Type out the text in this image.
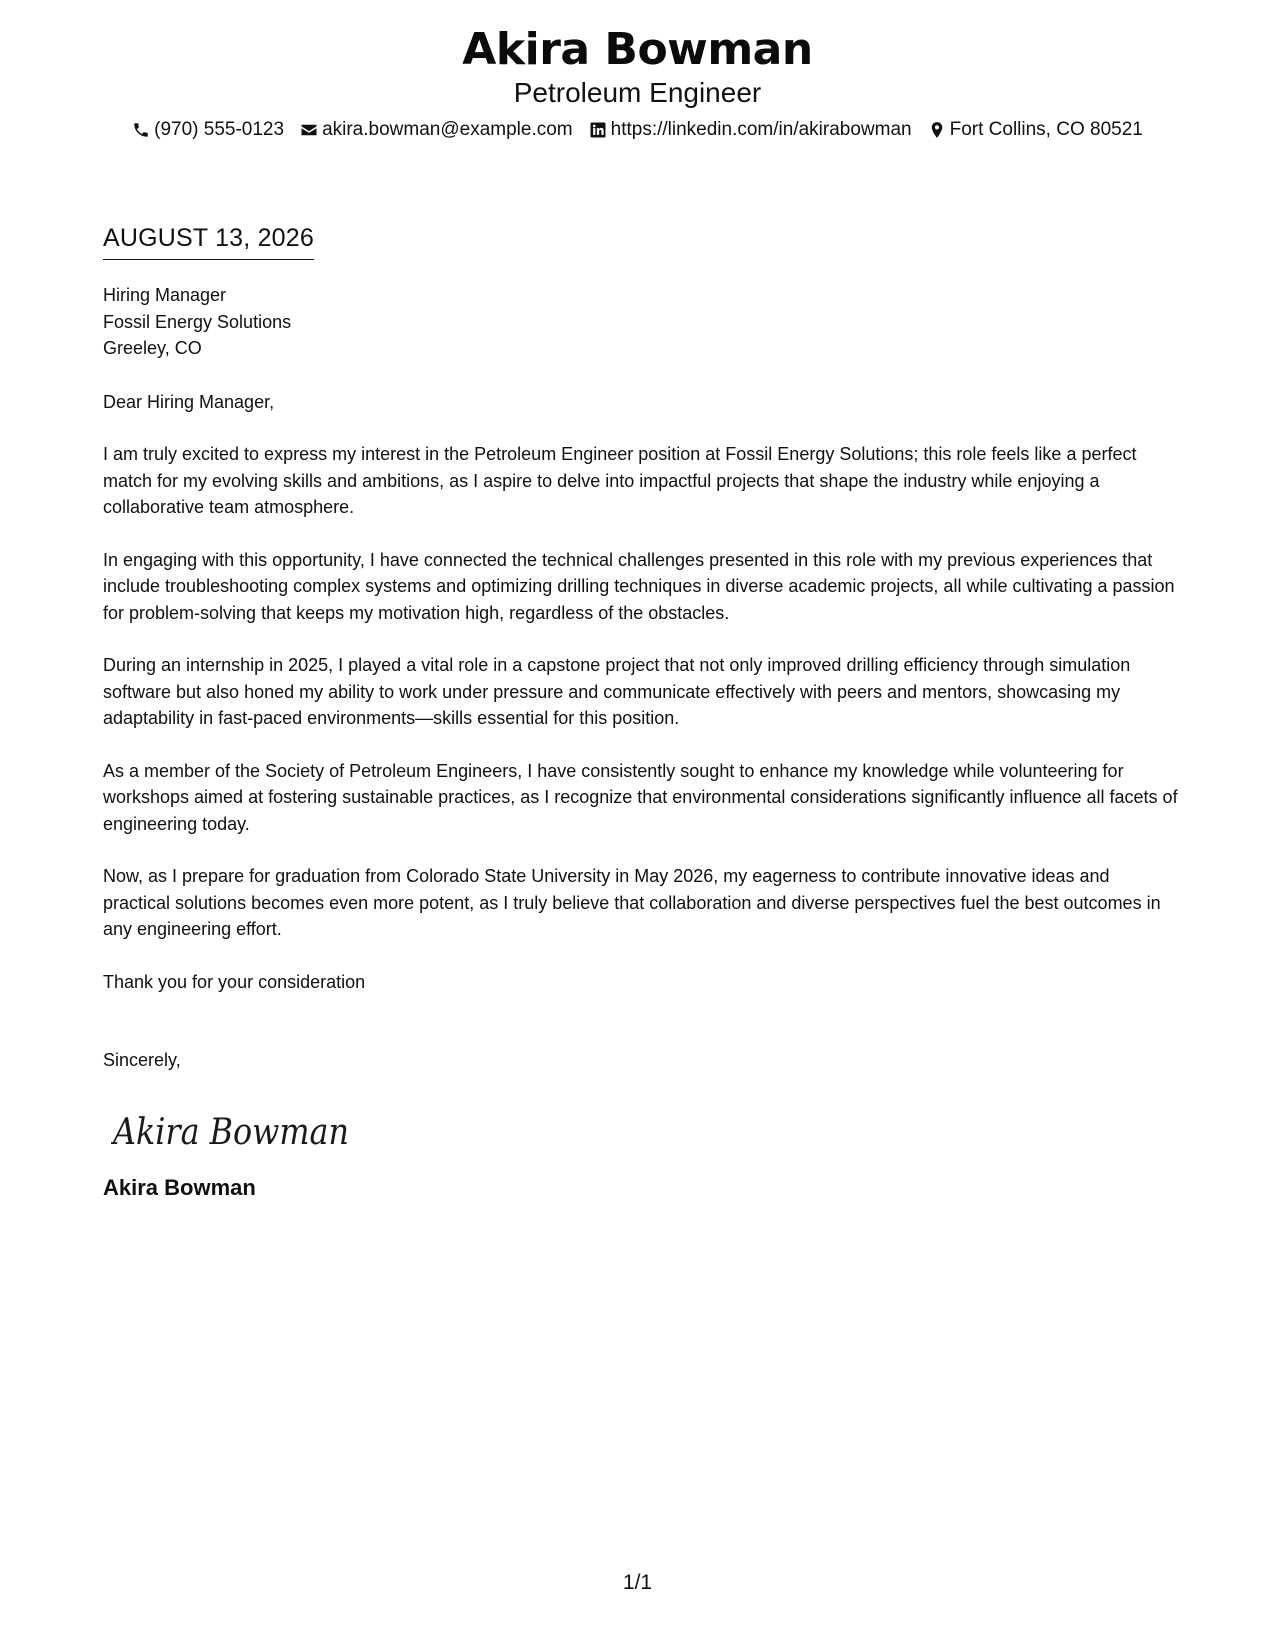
Akira Bowman
Petroleum Engineer
(970) 555-0123 akira.bowman@example.com https://linkedin.com/in/akirabowman Fort Collins, CO 80521
AUGUST 13, 2026
Hiring Manager
Fossil Energy Solutions
Greeley, CO
Dear Hiring Manager,
I am truly excited to express my interest in the Petroleum Engineer position at Fossil Energy Solutions; this role feels like a perfect match for my evolving skills and ambitions, as I aspire to delve into impactful projects that shape the industry while enjoying a collaborative team atmosphere.
In engaging with this opportunity, I have connected the technical challenges presented in this role with my previous experiences that include troubleshooting complex systems and optimizing drilling techniques in diverse academic projects, all while cultivating a passion for problem-solving that keeps my motivation high, regardless of the obstacles.
During an internship in 2025, I played a vital role in a capstone project that not only improved drilling efficiency through simulation software but also honed my ability to work under pressure and communicate effectively with peers and mentors, showcasing my adaptability in fast-paced environments—skills essential for this position.
As a member of the Society of Petroleum Engineers, I have consistently sought to enhance my knowledge while volunteering for workshops aimed at fostering sustainable practices, as I recognize that environmental considerations significantly influence all facets of engineering today.
Now, as I prepare for graduation from Colorado State University in May 2026, my eagerness to contribute innovative ideas and practical solutions becomes even more potent, as I truly believe that collaboration and diverse perspectives fuel the best outcomes in any engineering effort.
Thank you for your consideration
Sincerely,
Akira Bowman
Akira Bowman
1/1
